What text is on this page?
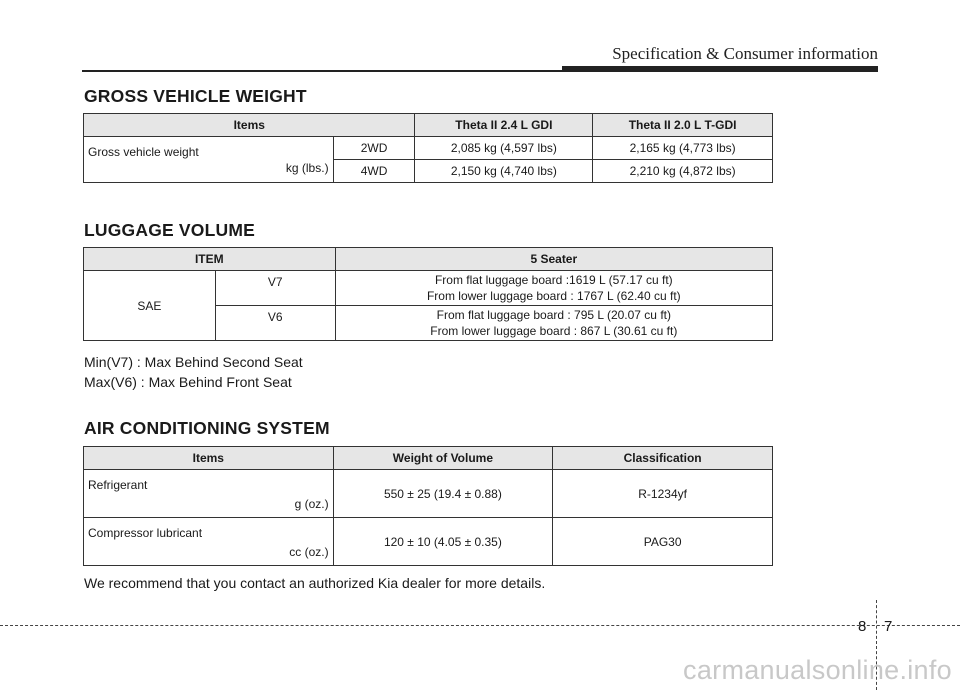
Specification & Consumer information
GROSS VEHICLE WEIGHT
Items		Theta II 2.4 L GDI	Theta II 2.0 L T-GDI

Gross vehicle weight
kg (lbs.)	2WD	2,085 kg (4,597 lbs)	2,165 kg (4,773 lbs)
	4WD	2,150 kg (4,740 lbs)	2,210 kg (4,872 lbs)
LUGGAGE VOLUME
ITEM		5 Seater
SAE	V7	From flat luggage board :1619 L (57.17 cu ft)
From lower luggage board : 1767 L (62.40 cu ft)

	V6	From flat luggage board : 795 L (20.07 cu ft)
From lower luggage board : 867 L (30.61 cu ft)
Min(V7) : Max Behind Second Seat
Max(V6) : Max Behind Front Seat
AIR CONDITIONING SYSTEM
Items	Weight of Volume	Classification

Refrigerant
g (oz.)	550 ± 25 (19.4 ± 0.88)	R-1234yf

Compressor lubricant
cc (oz.)	120 ± 10 (4.05 ± 0.35)	PAG30
We recommend that you contact an authorized Kia dealer for more details.
8 7
carmanualsonline.info
